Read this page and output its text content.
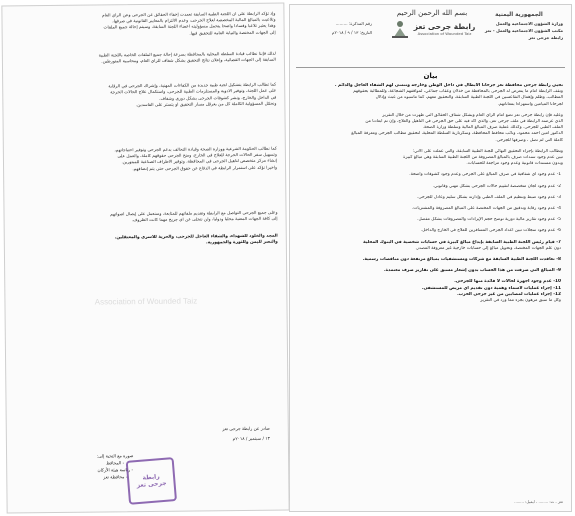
الجمهورية اليمنية
وزارة الشؤون الاجتماعية والعمل
مكتب الشؤون الاجتماعية والعمل - تعز
رابطة جرحى تعز
بسم الله الرحمن الرحيم
رابطة جرحى تعز
Association of Wounded Taiz
رقم المذكرة: .........
التاريخ: ١٣ / ٩ / ٢٠١٨م
بيان
تحيي رابطة جرحى محافظة تعز جرحانا الأبطال في داخل الوطن وخارجه وتتمنى لهم الشفاء العاجل والدائم .
وتقف الرابطة امام ما يتعرض له الجرحى بالمحافظة من خذلان وعقاب جماعي، لمواقفهم الشجاعة، وللمطالبة بحقوقهم
المطالب، وظلم وإهمال التقاعسين في اللجنة الطبية السابقة، والتحقيق معهم، كما ماسبوه من عبث وإذلال
لجرحانا الميامين واستهزاءاً بمعاناتهم.
وعليه فإن رابطة جرحى تعز تضع أمام الرأي العام وبشكل شفاف الحقائق التي ظهرت من خلال التقرير
الذي عرضته الرابطة في ملف جرحى تعز، والذي أكد فيه على حق الجرحى في التأهيل والعلاج، وإن تم ابعادنا من
الملف الطبي للجرحى. وكذلك عملية صرف المبالغ المالية وسلطة وزارة الصحة.
الدكتور أمين أحمد محمود، ونائب محافظ المحافظة، وسكرتارية السلطة المحلية، لتحقيق مطالب الجرحى ومعرفة المبالغ
كاملة التي لم تصل ، وصرفها للجرحى.
وتطالب الرابطة بإجراء التحقيق النهائي للجنة الطبية السابقة، والتي عملت على الآتي:
تبين عدم وجود سندات صرف بالمبالغ المصروفة من اللجنة الطبية السابقة وهي مبالغ كبيرة
وبدون مستندات قانونية وعدم وجود مراجعة للحسابات.
1- عدم وجود أي شفافية في صرف المبالغ على الجرحى وعدم وجود كشوفات واضحة.
2- عدم وجود لجان متخصصة لتقييم حالات الجرحى بشكل مهني وقانوني.
3- عدم وجود ضبط وتنظيم في الملف الطبي وإدارته بشكل سليم وعادل للجرحى.
4- عدم وجود رقابة وتدقيق من الجهات المختصة على المبالغ المصروفة والمشتريات.
5- عدم وجود تقارير مالية دورية توضح حجم الإيرادات والمصروفات بشكل مفصل.
6- عدم وجود سجلات تبين أعداد الجرحى المسافرين للعلاج في الخارج والداخل.
7- قيام رئيس اللجنة الطبية السابقة بإيداع مبالغ كبيرة في حسابات شخصية في البنوك المحلية
دون علم الجهات المختصة، وتحويل مبالغ إلى حسابات خارجية غير معروفة المصدر.
8- تعاقدت اللجنة الطبية السابقة مع شركات ومستشفيات بمبالغ مرتفعة دون مناقصات رسمية.
9- المبالغ التي صرفت من هذا الحساب بدون إشعار مسبق على تقارير صرف معتمدة.
10- عدم وجود أجهزة لحالات لا فائدة منها للجرحى.
11- إجراء عمليات لأسماء وهمية دون تقديم أي مريض للمستشفى.
12- إجراء عمليات لمصابين من غير جرحى الحرب.
وكل ما سبق مرهون بجزء مما ورد في التقرير
تعز - ت: ........ - ايميل: ........
وإذ تؤكد الرابطة على أن اللجنة الطبية السابقة تعمدت إخفاء الحقائق عن الجرحى وعن الرأي العام
وتلاعبت بالمبالغ المالية المخصصة لعلاج الجرحى، وعدم الالتزام بالمعايير القانونية في صرفها،
وهذا يعتبر تلاعباً وفساداً واضحاً يتحمل مسؤوليته أعضاء اللجنة السابقة، وسيتم إحالة جميع الملفات
إلى الجهات المختصة والنيابة العامة للتحقيق فيها.
لذلك فإننا نطالب قيادة السلطة المحلية بالمحافظة بسرعة إحالة جميع الملفات الخاصة باللجنة الطبية
السابقة إلى الجهات القضائية، وإعلان نتائج التحقيق بشكل شفاف للرأي العام، ومحاسبة المتورطين.
كما تطالب الرابطة بتشكيل لجنة طبية جديدة من الكفاءات المهنية، وإشراك الجرحى في الرقابة
على عمل اللجنة، وتوفير الأدوية والمستلزمات الطبية للجرحى، واستكمال علاج الحالات الحرجة
في الداخل والخارج، ونشر كشوفات الجرحى بشكل دوري وشفاف.
ونحمّل المسؤولية الكاملة كل من يعرقل مسار التحقيق أو يتستر على الفاسدين.
كما نطالب الحكومة الشرعية ووزارة الصحة وقيادة التحالف بدعم الجرحى وتوفير احتياجاتهم،
وتسهيل سفر الحالات الحرجة للعلاج في الخارج، ومنح الجرحى حقوقهم كاملة، والعمل على
إنشاء مركز متخصص لتأهيل الجرحى في المحافظة، وتوفير الأطراف الصناعية للمبتورين.
وأخيراً نؤكد على استمرار الرابطة في الدفاع عن حقوق الجرحى حتى يتم إنصافهم.
وعلى جميع الجرحى التواصل مع الرابطة وتقديم ملفاتهم للمتابعة، وسنعمل على إيصال أصواتهم
إلى كافة الجهات المعنية محلياً ودولياً، ولن نتخلى عن أي جريح مهما كانت الظروف.
المجد والخلود للشهداء، والشفاء العاجل للجرحى، والحرية للأسرى والمعتقلين.
والنصر لليمن وللثورة والجمهورية.
Association of Wounded Taiz
صادر عن رابطة جرحى تعز
١٣ / سبتمبر / ٢٠١٨م
صورة مع التحية إلى:
- المحافظ
- رئاسة هيئة الأركان
- محافظة تعز	رابطة
جرحى تعز
